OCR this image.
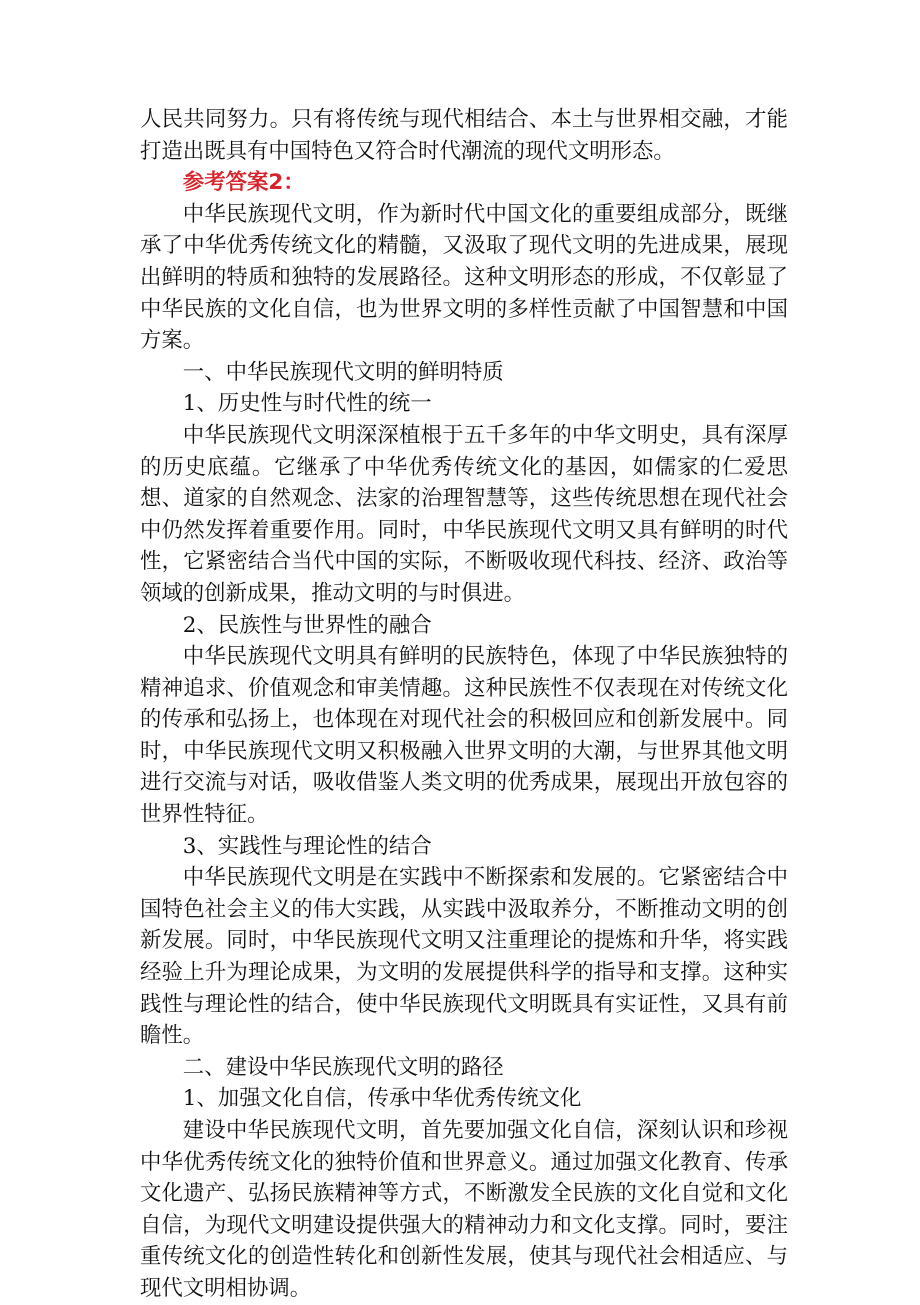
人民共同努力。只有将传统与现代相结合、本土与世界相交融，才能打造出既具有中国特色又符合时代潮流的现代文明形态。

参考答案2：

中华民族现代文明，作为新时代中国文化的重要组成部分，既继承了中华优秀传统文化的精髓，又汲取了现代文明的先进成果，展现出鲜明的特质和独特的发展路径。这种文明形态的形成，不仅彰显了中华民族的文化自信，也为世界文明的多样性贡献了中国智慧和中国方案。

一、中华民族现代文明的鲜明特质

1、历史性与时代性的统一

中华民族现代文明深深植根于五千多年的中华文明史，具有深厚的历史底蕴。它继承了中华优秀传统文化的基因，如儒家的仁爱思想、道家的自然观念、法家的治理智慧等，这些传统思想在现代社会中仍然发挥着重要作用。同时，中华民族现代文明又具有鲜明的时代性，它紧密结合当代中国的实际，不断吸收现代科技、经济、政治等领域的创新成果，推动文明的与时俱进。

2、民族性与世界性的融合

中华民族现代文明具有鲜明的民族特色，体现了中华民族独特的精神追求、价值观念和审美情趣。这种民族性不仅表现在对传统文化的传承和弘扬上，也体现在对现代社会的积极回应和创新发展中。同时，中华民族现代文明又积极融入世界文明的大潮，与世界其他文明进行交流与对话，吸收借鉴人类文明的优秀成果，展现出开放包容的世界性特征。

3、实践性与理论性的结合

中华民族现代文明是在实践中不断探索和发展的。它紧密结合中国特色社会主义的伟大实践，从实践中汲取养分，不断推动文明的创新发展。同时，中华民族现代文明又注重理论的提炼和升华，将实践经验上升为理论成果，为文明的发展提供科学的指导和支撑。这种实践性与理论性的结合，使中华民族现代文明既具有实证性，又具有前瞻性。

二、建设中华民族现代文明的路径

1、加强文化自信，传承中华优秀传统文化

建设中华民族现代文明，首先要加强文化自信，深刻认识和珍视中华优秀传统文化的独特价值和世界意义。通过加强文化教育、传承文化遗产、弘扬民族精神等方式，不断激发全民族的文化自觉和文化自信，为现代文明建设提供强大的精神动力和文化支撑。同时，要注重传统文化的创造性转化和创新性发展，使其与现代社会相适应、与现代文明相协调。
